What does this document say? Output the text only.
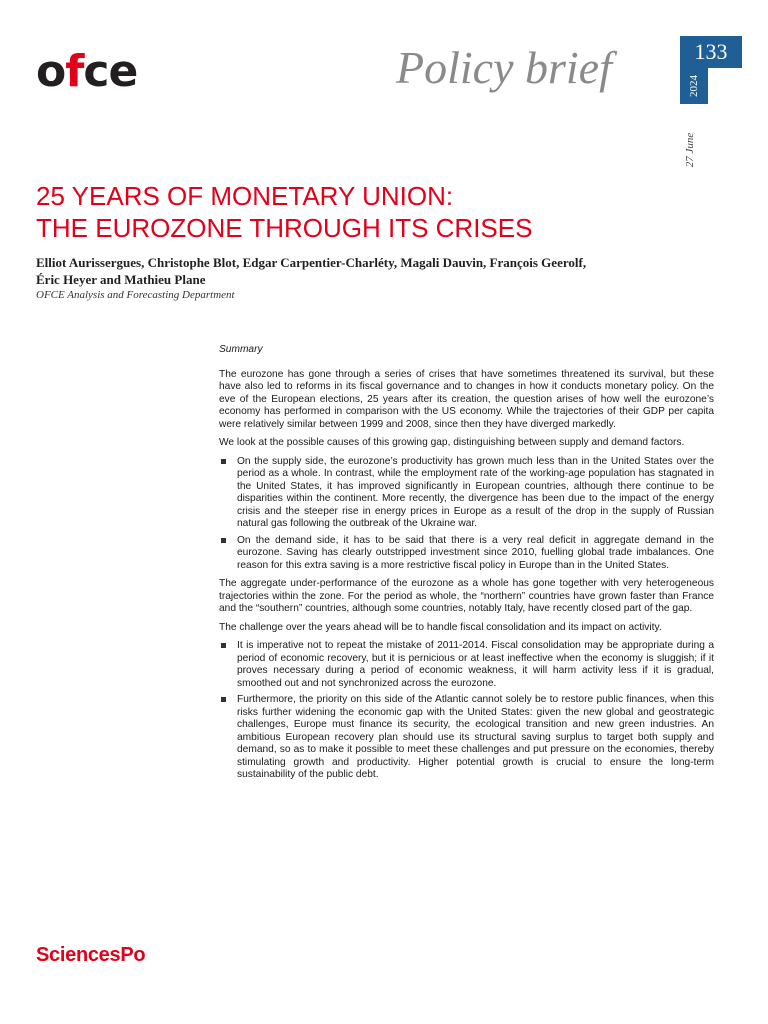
ofce	Policy brief	133
2024
27 June
25 YEARS OF MONETARY UNION:
THE EUROZONE THROUGH ITS CRISES
Elliot Aurissergues, Christophe Blot, Edgar Carpentier-Charléty, Magali Dauvin, François Geerolf,
Éric Heyer and Mathieu Plane
OFCE Analysis and Forecasting Department
Summary

The eurozone has gone through a series of crises that have sometimes threatened its survival, but these have also led to reforms in its fiscal governance and to changes in how it conducts monetary policy. On the eve of the European elections, 25 years after its creation, the question arises of how well the eurozone’s economy has performed in comparison with the US economy. While the trajectories of their GDP per capita were relatively similar between 1999 and 2008, since then they have diverged markedly.

We look at the possible causes of this growing gap, distinguishing between supply and demand factors.

On the supply side, the eurozone’s productivity has grown much less than in the United States over the period as a whole. In contrast, while the employment rate of the working-age population has stagnated in the United States, it has improved significantly in European countries, although there continue to be disparities within the continent. More recently, the divergence has been due to the impact of the energy crisis and the steeper rise in energy prices in Europe as a result of the drop in the supply of Russian natural gas following the outbreak of the Ukraine war.
On the demand side, it has to be said that there is a very real deficit in aggregate demand in the eurozone. Saving has clearly outstripped investment since 2010, fuelling global trade imbalances. One reason for this extra saving is a more restrictive fiscal policy in Europe than in the United States.

The aggregate under-performance of the eurozone as a whole has gone together with very heterogeneous trajectories within the zone. For the period as whole, the “northern” countries have grown faster than France and the “southern” countries, although some countries, notably Italy, have recently closed part of the gap.

The challenge over the years ahead will be to handle fiscal consolidation and its impact on activity.

It is imperative not to repeat the mistake of 2011-2014. Fiscal consolidation may be appropriate during a period of economic recovery, but it is pernicious or at least ineffective when the economy is sluggish; if it proves necessary during a period of economic weakness, it will harm activity less if it is gradual, smoothed out and not synchronized across the eurozone.
Furthermore, the priority on this side of the Atlantic cannot solely be to restore public finances, when this risks further widening the economic gap with the United States: given the new global and geostrategic challenges, Europe must finance its security, the ecological transition and new green industries. An ambitious European recovery plan should use its structural saving surplus to target both supply and demand, so as to make it possible to meet these challenges and put pressure on the economies, thereby stimulating growth and productivity. Higher potential growth is crucial to ensure the long-term sustainability of the public debt.
SciencesPo
